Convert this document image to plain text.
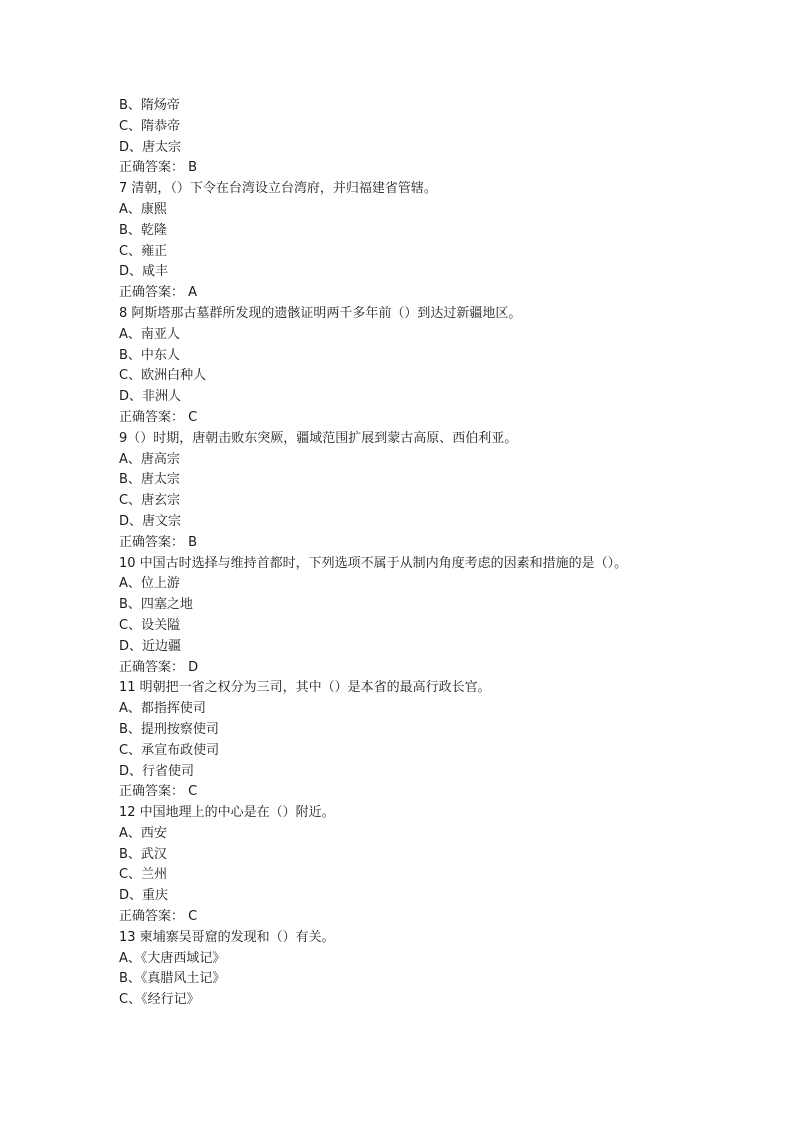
B、隋炀帝
C、隋恭帝
D、唐太宗
正确答案： B
7 清朝，（）下令在台湾设立台湾府，并归福建省管辖。
A、康熙
B、乾隆
C、雍正
D、咸丰
正确答案： A
8 阿斯塔那古墓群所发现的遗骸证明两千多年前（）到达过新疆地区。
A、南亚人
B、中东人
C、欧洲白种人
D、非洲人
正确答案： C
9（）时期，唐朝击败东突厥，疆域范围扩展到蒙古高原、西伯利亚。
A、唐高宗
B、唐太宗
C、唐玄宗
D、唐文宗
正确答案： B
10 中国古时选择与维持首都时，下列选项不属于从制内角度考虑的因素和措施的是（）。
A、位上游
B、四塞之地
C、设关隘
D、近边疆
正确答案： D
11 明朝把一省之权分为三司，其中（）是本省的最高行政长官。
A、都指挥使司
B、提刑按察使司
C、承宣布政使司
D、行省使司
正确答案： C
12 中国地理上的中心是在（）附近。
A、西安
B、武汉
C、兰州
D、重庆
正确答案： C
13 柬埔寨吴哥窟的发现和（）有关。
A、《大唐西域记》
B、《真腊风土记》
C、《经行记》
